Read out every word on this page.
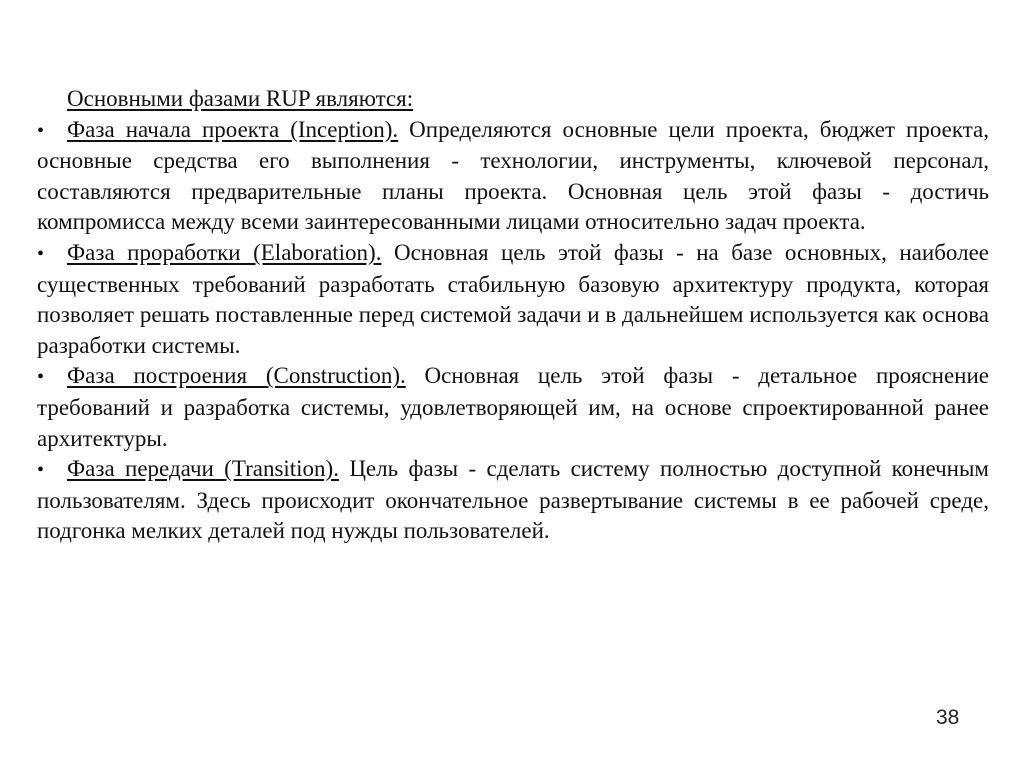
Основными фазами RUP являются:

• Фаза начала проекта (Inception). Определяются основные цели проекта, бюджет проекта, основные средства его выполнения - технологии, инструменты, ключевой персонал, составляются предварительные планы проекта. Основная цель этой фазы - достичь компромисса между всеми заинтересованными лицами относительно задач проекта.

• Фаза проработки (Elaboration). Основная цель этой фазы - на базе основных, наиболее существенных требований разработать стабильную базовую архитектуру продукта, которая позволяет решать поставленные перед системой задачи и в дальнейшем используется как основа разработки системы.

• Фаза построения (Construction). Основная цель этой фазы - детальное прояснение требований и разработка системы, удовлетворяющей им, на основе спроектированной ранее архитектуры.

• Фаза передачи (Transition). Цель фазы - сделать систему полностью доступной конечным пользователям. Здесь происходит окончательное развертывание системы в ее рабочей среде, подгонка мелких деталей под нужды пользователей.

38
